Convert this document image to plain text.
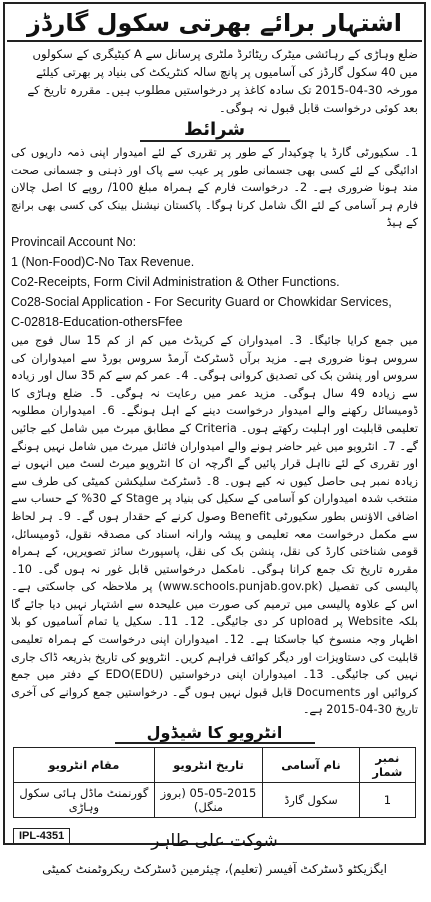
اشتہار برائے بھرتی سکول گارڈز
ضلع وہاڑی کے رہائشی میٹرک ریٹائرڈ ملٹری پرسانل سے A کیٹیگری کے سکولوں میں 40 سکول گارڈز کی آسامیوں پر پانچ سالہ کنٹریکٹ کی بنیاد پر بھرتی کیلئے مورخہ 30-04-2015 تک سادہ کاغذ پر درخواستیں مطلوب ہیں۔ مقررہ تاریخ کے بعد کوئی درخواست قابل قبول نہ ہوگی۔
شرائط
1۔ سکیورٹی گارڈ یا چوکیدار کے طور پر تقرری کے لئے امیدوار اپنی ذمہ داریوں کی ادائیگی کے لئے کسی بھی جسمانی طور پر عیب سے پاک اور ذہنی و جسمانی صحت مند ہونا ضروری ہے۔ 2۔ درخواست فارم کے ہمراہ مبلغ 100/ روپے کا اصل چالان فارم ہر آسامی کے لئے الگ شامل کرنا ہوگا۔ پاکستان نیشنل بینک کی کسی بھی برانچ کے ہیڈ
Provincail Account No:
1 (Non-Food)C-No Tax Revenue.
Co2-Receipts, Form Civil Administration & Other Functions.
Co28-Social Application - For Security Guard or Chowkidar Services,
C-02818-Education-othersFfee
میں جمع کرایا جائیگا۔ 3۔ امیدواران کے کریڈٹ میں کم از کم 15 سال فوج میں سروس ہونا ضروری ہے۔ مزید برآں ڈسٹرکٹ آرمڈ سروس بورڈ سے امیدواران کی سروس اور پنشن بک کی تصدیق کروانی ہوگی۔ 4۔ عمر کم سے کم 35 سال اور زیادہ سے زیادہ 49 سال ہوگی۔ مزید عمر میں رعایت نہ ہوگی۔ 5۔ ضلع وہاڑی کا ڈومیسائل رکھنے والے امیدوار درخواست دینے کے اہل ہونگے۔ 6۔ امیدواران مطلوبہ تعلیمی قابلیت اور اہلیت رکھتے ہوں۔ Criteria کے مطابق میرٹ میں شامل کیے جائیں گے۔ 7۔ انٹرویو میں غیر حاضر ہونے والے امیدواران فائنل میرٹ میں شامل نہیں ہونگے اور تقرری کے لئے نااہل قرار پائیں گے اگرچہ ان کا انٹرویو میرٹ لسٹ میں انہوں نے زیادہ نمبر ہی حاصل کیوں نہ کیے ہوں۔ 8۔ ڈسٹرکٹ سلیکشن کمیٹی کی طرف سے منتخب شدہ امیدواران کو آسامی کے سکیل کی بنیاد پر Stage کے 30% کے حساب سے اضافی الاؤنس بطور سکیورٹی Benefit وصول کرنے کے حقدار ہوں گے۔ 9۔ ہر لحاظ سے مکمل درخواست معہ تعلیمی و پیشہ وارانہ اسناد کی مصدقہ نقول، ڈومیسائل، قومی شناختی کارڈ کی نقل، پنشن بک کی نقل، پاسپورٹ سائز تصویریں، کے ہمراہ مقررہ تاریخ تک جمع کرانا ہوگی۔ نامکمل درخواستیں قابل غور نہ ہوں گی۔ 10۔ پالیسی کی تفصیل (www.schools.punjab.gov.pk) پر ملاحظہ کی جاسکتی ہے۔ اس کے علاوہ پالیسی میں ترمیم کی صورت میں علیحدہ سے اشتہار نہیں دیا جائے گا بلکہ Website پر upload کر دی جائیگی۔ 12۔ 11۔ سکیل یا تمام آسامیوں کو بلا اظہار وجہ منسوخ کیا جاسکتا ہے۔ 12۔ امیدواران اپنی درخواست کے ہمراہ تعلیمی قابلیت کی دستاویزات اور دیگر کوائف فراہم کریں۔ انٹرویو کی تاریخ بذریعہ ڈاک جاری نہیں کی جائیگی۔ 13۔ امیدواران اپنی درخواستیں EDO(EDU) کے دفتر میں جمع کروائیں اور Documents قابل قبول نہیں ہوں گے۔ درخواستیں جمع کروانے کی آخری تاریخ 30-04-2015 ہے۔
انٹرویو کا شیڈول
نمبر شمار	نام آسامی	تاریخ انٹرویو	مقام انٹرویو
1	سکول گارڈ	05-05-2015 (بروز منگل)	گورنمنٹ ماڈل ہائی سکول وہاڑی
IPL-4351	شوکت علی طاہر
ایگزیکٹو ڈسٹرکٹ آفیسر (تعلیم)، چیئرمین ڈسٹرکٹ ریکروٹمنٹ کمیٹی
